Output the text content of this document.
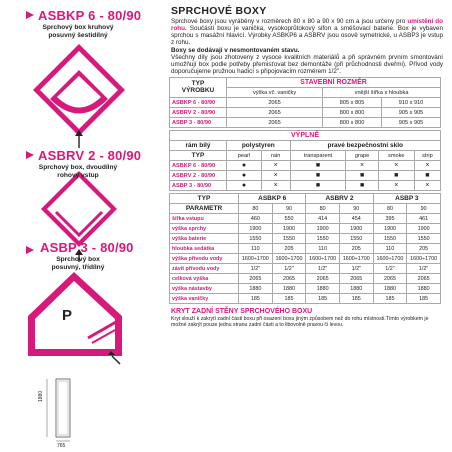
ASBKP 6 - 80/90
Sprchový box kruhový
posuvný šestidílný
ASBRV 2 - 80/90
Sprchový box, dvoudílný
rohový vstup
ASBP 3 - 80/90
Sprchový box
posuvný, třídílný
P
1880
765
SPRCHOVÉ BOXY
Sprchové boxy jsou vyráběny v rozměrech 80 x 80 a 90 x 90 cm a jsou určeny pro umístění do rohu. Součástí boxu je vanička, vysokoprůtokový sifon a směšovací baterie. Box je vybaven sprchou s masážní hlavicí. Výrobky ASBKP6 a ASBRV jsou osově symetrické, u ASBP3 je vstup z rohu.
Boxy se dodávají v nesmontovaném stavu.
Všechny díly jsou zhotoveny z vysoce kvalitních materiálů a při správném prvním smontování umožňují box podle potřeby přemisťovat bez demontáže (při průchodnosti dveřmi). Přívod vody doporučujeme pružnou hadicí s připojovacím rozměrem 1/2".
TYP
VÝROBKU	STAVEBNÍ ROZMĚR		
	výška vč. vaničky	vnější šířka x hloubka	
ASBKP 6 - 80/90	2065	805 x 805	910 x 910
ASBRV 2 - 80/90	2065	800 x 800	905 x 905
ASBP 3 - 80/90	2065	800 x 800	905 x 905
VÝPLNĚ						
rám bílý	polystyren		pravé bezpečnostní sklo			
TYP	pearl	rain	transparent	grape	smoke	strip
ASBKP 6 - 80/90	●	×	■	×	×	×
ASBRV 2 - 80/90	●	×	■	■	■	■
ASBP 3 - 80/90	●	×	■	■	×	×
TYP	ASBKP 6		ASBRV 2		ASBP 3	
PARAMETR	80	90	80	90	80	90
šířka vstupu	460	550	414	454	395	461
výška sprchy	1900	1900	1900	1900	1900	1900
výška baterie	1550	1550	1550	1550	1550	1550
hloubka sedátka	110	205	110	205	110	205
výška přívodu vody	1600÷1700	1600÷1700	1600÷1700	1600÷1700	1600÷1700	1600÷1700
závit přívodu vody	1/2"	1/2"	1/2"	1/2"	1/2"	1/2"
celková výška	2065	2065	2065	2065	2065	2065
výška nástavby	1880	1880	1880	1880	1880	1880
výška vaničky	185	185	185	185	185	185
KRYT ZADNÍ STĚNY SPRCHOVÉHO BOXU
Kryt slouží k zakrytí zadní části boxu při osazení boxu jiným způsobem než do rohu místnosti.Tímto výrobkem je možné zakrýt pouze jednu stranu zadní části a to libovolně pravou či levou.
